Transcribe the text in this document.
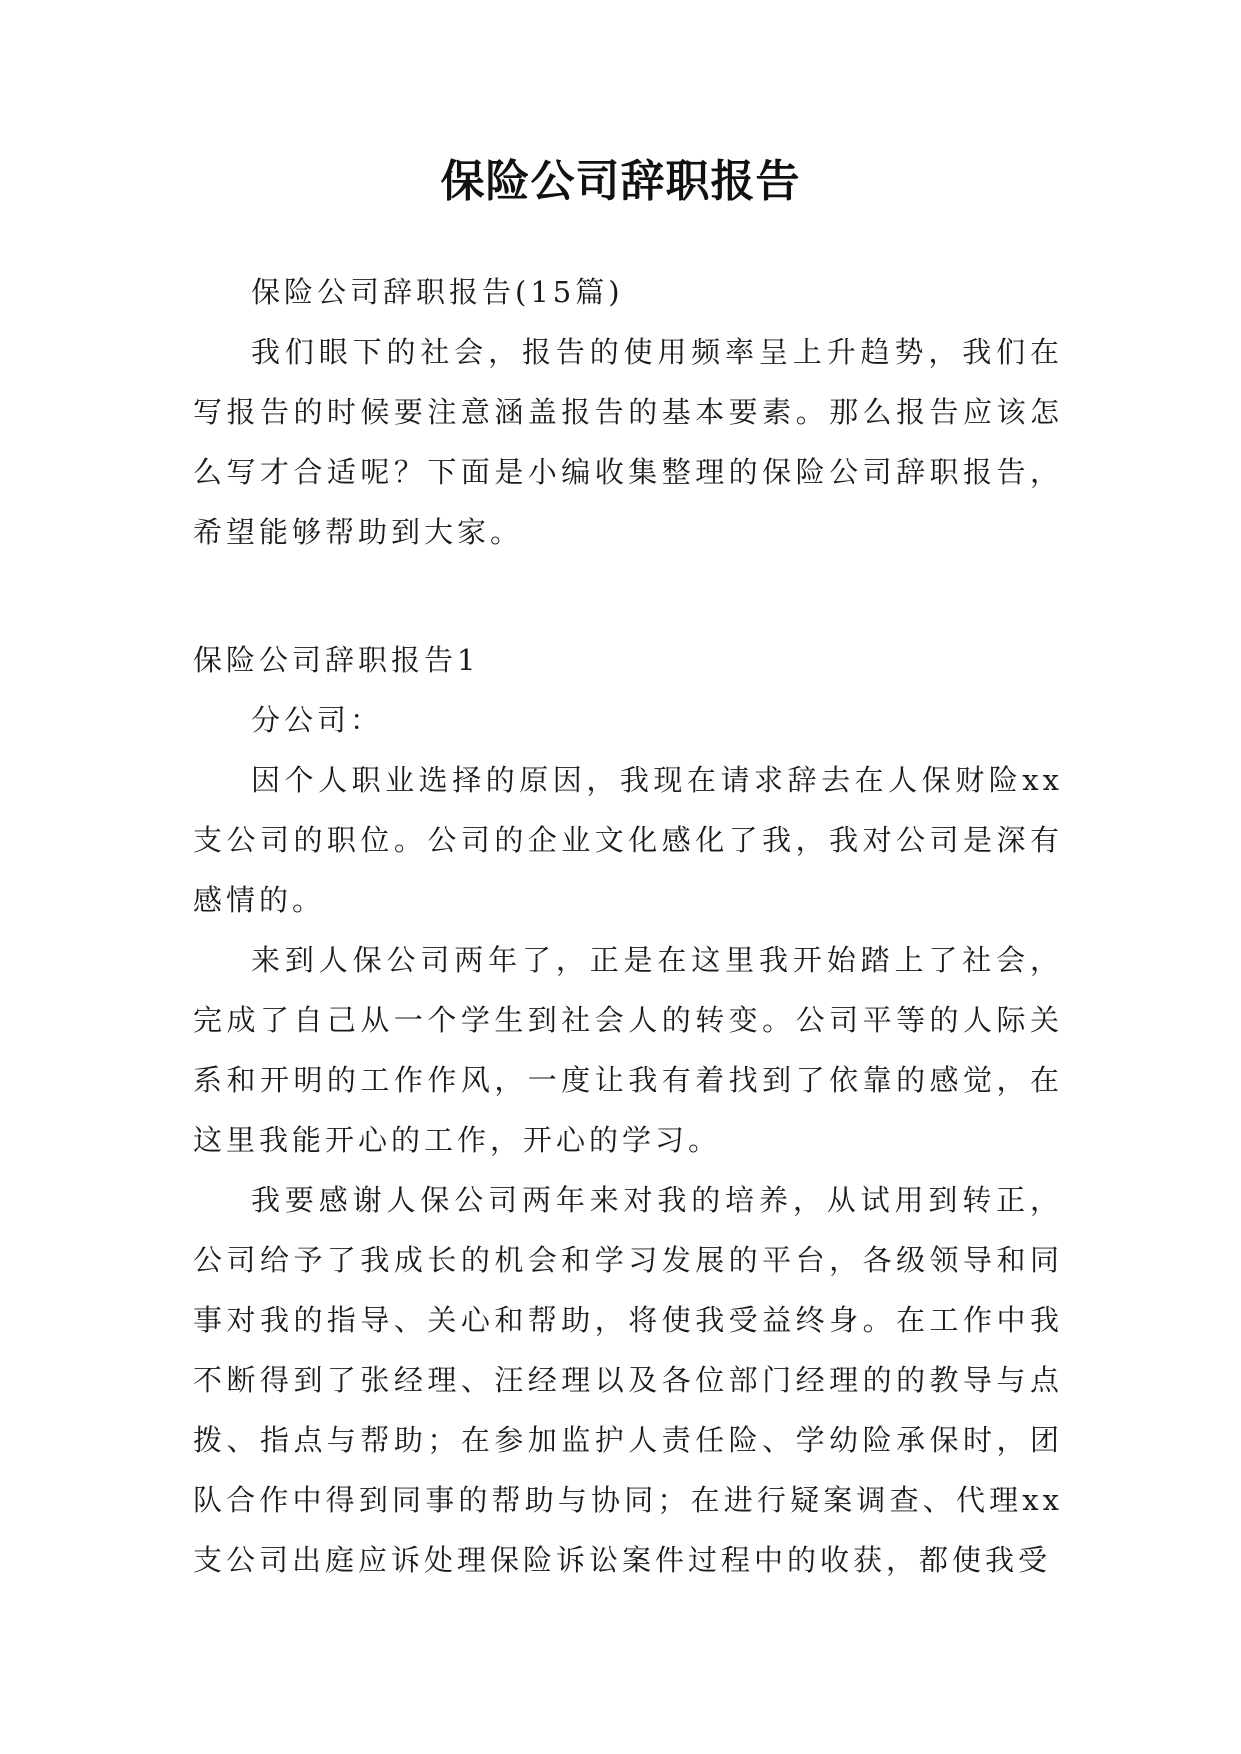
保险公司辞职报告

保险公司辞职报告(15篇)

我们眼下的社会，报告的使用频率呈上升趋势，我们在写报告的时候要注意涵盖报告的基本要素。那么报告应该怎么写才合适呢？下面是小编收集整理的保险公司辞职报告，希望能够帮助到大家。

保险公司辞职报告1

分公司：

因个人职业选择的原因，我现在请求辞去在人保财险xx支公司的职位。公司的企业文化感化了我，我对公司是深有感情的。

来到人保公司两年了，正是在这里我开始踏上了社会，完成了自己从一个学生到社会人的转变。公司平等的人际关系和开明的工作作风，一度让我有着找到了依靠的感觉，在这里我能开心的工作，开心的学习。

我要感谢人保公司两年来对我的培养，从试用到转正，公司给予了我成长的机会和学习发展的平台，各级领导和同事对我的指导、关心和帮助，将使我受益终身。在工作中我不断得到了张经理、汪经理以及各位部门经理的的教导与点拨、指点与帮助；在参加监护人责任险、学幼险承保时，团队合作中得到同事的帮助与协同；在进行疑案调查、代理xx支公司出庭应诉处理保险诉讼案件过程中的收获，都使我受
